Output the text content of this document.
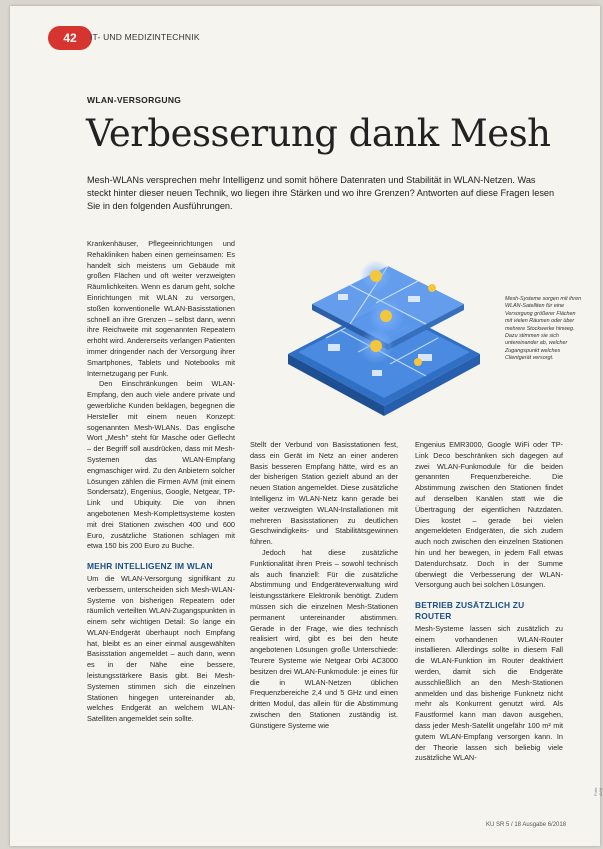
42	IT- UND MEDIZINTECHNIK
WLAN-VERSORGUNG
Verbesserung dank Mesh
Mesh-WLANs versprechen mehr Intelligenz und somit höhere Datenraten und Stabilität in WLAN-Netzen. Was steckt hinter dieser neuen Technik, wo liegen ihre Stärken und wo ihre Grenzen? Antworten auf diese Fragen lesen Sie in den folgenden Ausführungen.

Krankenhäuser, Pflegeeinrichtungen und Rehakliniken haben einen gemeinsamen: Es handelt sich meistens um Gebäude mit großen Flächen und oft weiter verzweigten Räumlichkeiten. Wenn es darum geht, solche Einrichtungen mit WLAN zu versorgen, stoßen konventionelle WLAN-Basisstationen schnell an ihre Grenzen – selbst dann, wenn ihre Reichweite mit sogenannten Repeatern erhöht wird. Andererseits verlangen Patienten immer dringender nach der Versorgung ihrer Smartphones, Tablets und Notebooks mit Internetzugang per Funk.

Den Einschränkungen beim WLAN-Empfang, den auch viele andere private und gewerbliche Kunden beklagen, begegnen die Hersteller mit einem neuen Konzept: sogenannten Mesh-WLANs. Das englische Wort „Mesh" steht für Masche oder Geflecht – der Begriff soll ausdrücken, dass mit Mesh-Systemen das WLAN-Empfang engmaschiger wird. Zu den Anbietern solcher Lösungen zählen die Firmen AVM (mit einem Sondersatz), Engenius, Google, Netgear, TP-Link und Ubiquity. Die von ihnen angebotenen Mesh-Komplettsysteme kosten mit drei Stationen zwischen 400 und 600 Euro, zusätzliche Stationen schlagen mit etwa 150 bis 200 Euro zu Buche.

MEHR INTELLIGENZ IM WLAN

Um die WLAN-Versorgung signifikant zu verbessern, unterscheiden sich Mesh-WLAN-Systeme von bisherigen Repeatern oder räumlich verteilten WLAN-Zugangspunkten in einem sehr wichtigen Detail: So lange ein WLAN-Endgerät überhaupt noch Empfang hat, bleibt es an einer einmal ausgewählten Basisstation angemeldet – auch dann, wenn es in der Nähe eine bessere, leistungsstärkere Basis gibt. Bei Mesh-Systemen stimmen sich die einzelnen Stationen hingegen untereinander ab, welches Endgerät an welchem WLAN-Satelliten angemeldet sein sollte.

Mesh-Systeme sorgen mit ihren WLAN-Satelliten für eine Versorgung größerer Flächen mit vielen Räumen oder über mehrere Stockwerke hinweg. Dazu stimmen sie sich untereinander ab, welcher Zugangspunkt welches Clientgerät versorgt.

Stellt der Verbund von Basisstationen fest, dass ein Gerät im Netz an einer anderen Basis besseren Empfang hätte, wird es an der bisherigen Station gezielt abund an der neuen Station angemeldet. Diese zusätzliche Intelligenz im WLAN-Netz kann gerade bei weiter verzweigten WLAN-Installationen mit mehreren Basisstationen zu deutlichen Geschwindigkeits- und Stabilitätsgewinnen führen.

Jedoch hat diese zusätzliche Funktionalität ihren Preis – sowohl technisch als auch finanziell: Für die zusätzliche Abstimmung und Endgeräteverwaltung wird leistungsstärkere Elektronik benötigt. Zudem müssen sich die einzelnen Mesh-Stationen permanent untereinander abstimmen. Gerade in der Frage, wie dies technisch realisiert wird, gibt es bei den heute angebotenen Lösungen große Unterschiede: Teurere Systeme wie Netgear Orbi AC3000 besitzen drei WLAN-Funkmodule: je eines für die in WLAN-Netzen üblichen Frequenzbereiche 2,4 und 5 GHz und einen dritten Modul, das allein für die Abstimmung zwischen den Stationen zuständig ist. Günstigere Systeme wie

Engenius EMR3000, Google WiFi oder TP-Link Deco beschränken sich dagegen auf zwei WLAN-Funkmodule für die beiden genannten Frequenzbereiche. Die Abstimmung zwischen den Stationen findet auf denselben Kanälen statt wie die Übertragung der eigentlichen Nutzdaten. Dies kostet – gerade bei vielen angemeldeten Endgeräten, die sich zudem auch noch zwischen den einzelnen Stationen hin und her bewegen, in jedem Fall etwas Datendurchsatz. Doch in der Summe überwiegt die Verbesserung der WLAN-Versorgung auch bei solchen Lösungen.

BETRIEB ZUSÄTZLICH ZU ROUTER

Mesh-Systeme lassen sich zusätzlich zu einem vorhandenen WLAN-Router installieren. Allerdings sollte in diesem Fall die WLAN-Funktion im Router deaktiviert werden, damit sich die Endgeräte ausschließlich an den Mesh-Stationen anmelden und das bisherige Funknetz nicht mehr als Konkurrent genutzt wird. Als Faustformel kann man davon ausgehen, dass jeder Mesh-Satellit ungefähr 100 m² mit gutem WLAN-Empfang versorgen kann. In der Theorie lassen sich beliebig viele zusätzliche WLAN-

KU SR 5 / 18 Ausgabe 6/2018
Foto: AVM
